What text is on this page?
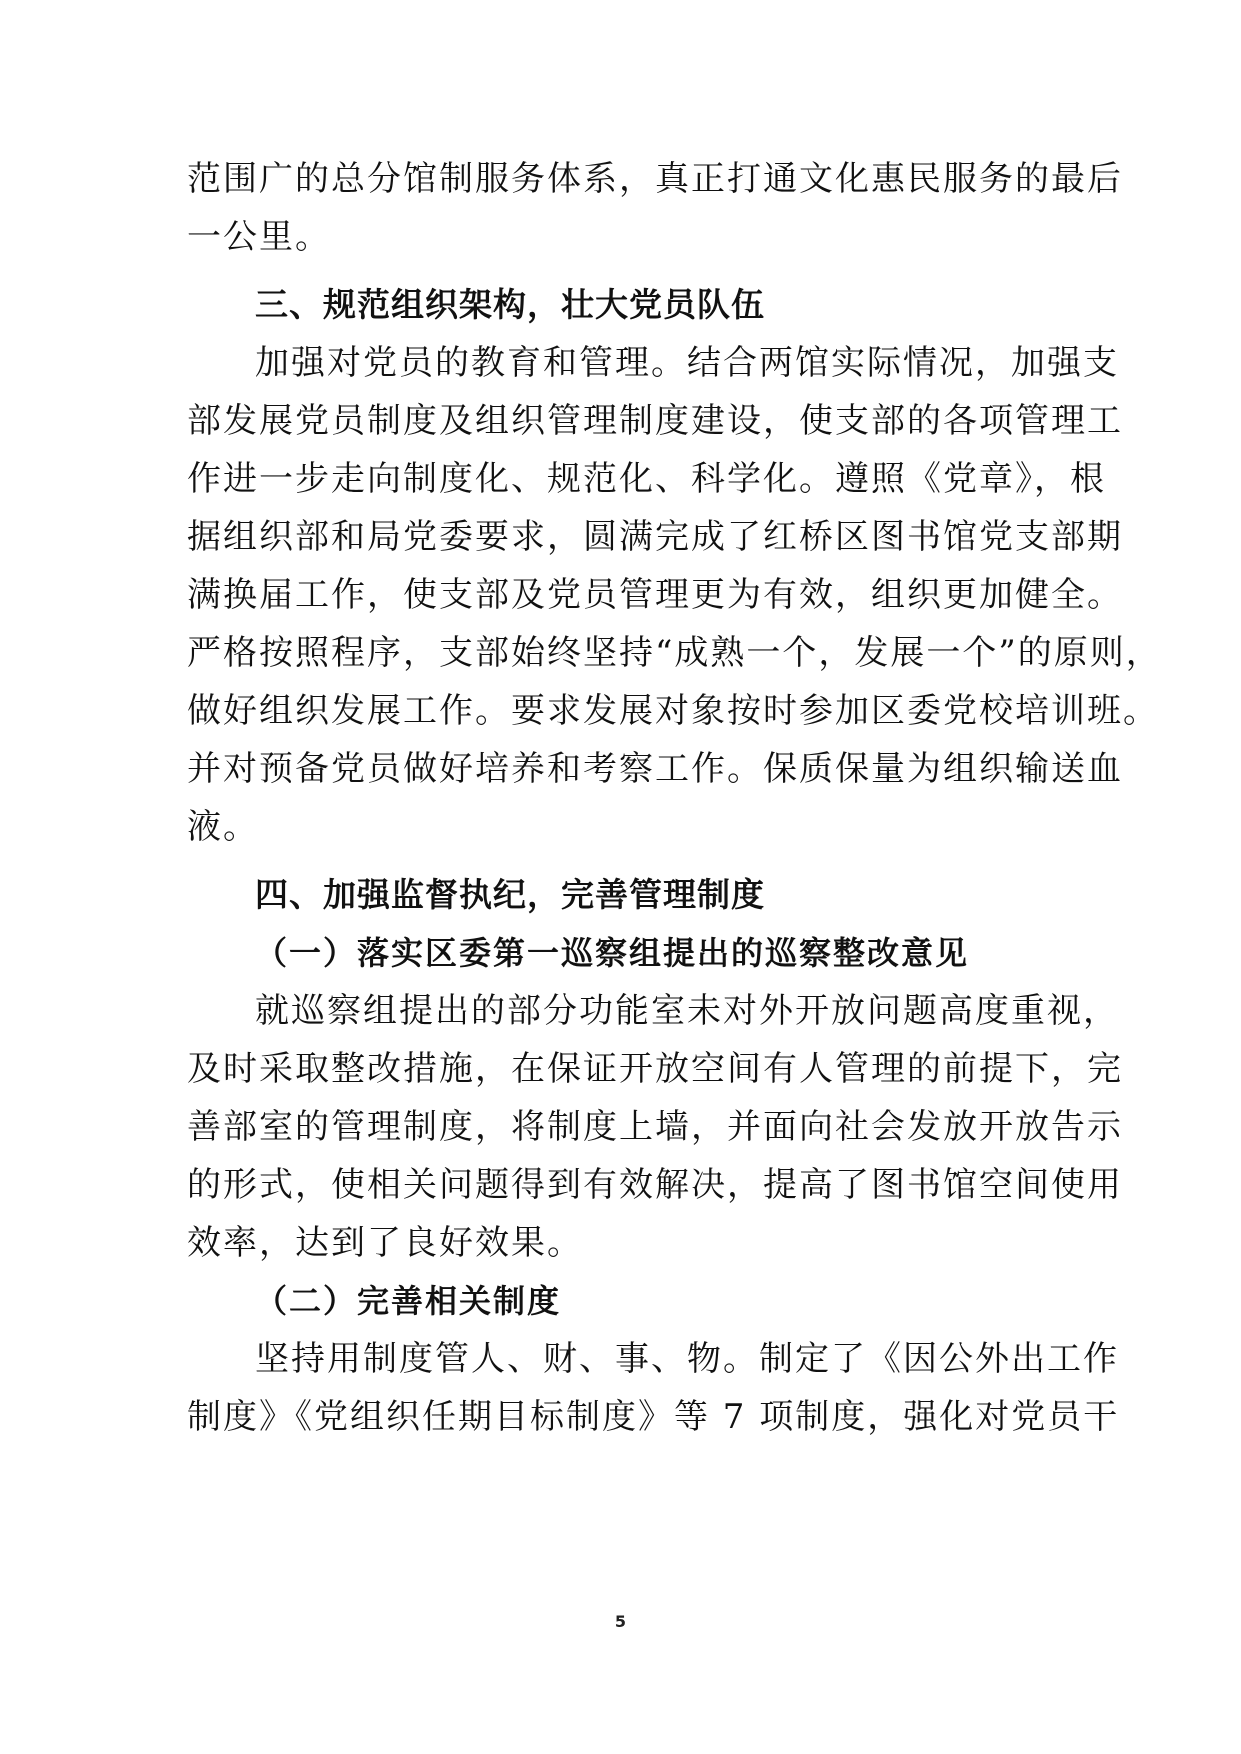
范围广的总分馆制服务体系，真正打通文化惠民服务的最后
一公里。
三、规范组织架构，壮大党员队伍
加强对党员的教育和管理。结合两馆实际情况，加强支
部发展党员制度及组织管理制度建设，使支部的各项管理工
作进一步走向制度化、规范化、科学化。遵照《党章》，根
据组织部和局党委要求，圆满完成了红桥区图书馆党支部期
满换届工作，使支部及党员管理更为有效，组织更加健全。
严格按照程序，支部始终坚持“成熟一个，发展一个”的原则，
做好组织发展工作。要求发展对象按时参加区委党校培训班。
并对预备党员做好培养和考察工作。保质保量为组织输送血
液。
四、加强监督执纪，完善管理制度
（一）落实区委第一巡察组提出的巡察整改意见
就巡察组提出的部分功能室未对外开放问题高度重视，
及时采取整改措施，在保证开放空间有人管理的前提下，完
善部室的管理制度，将制度上墙，并面向社会发放开放告示
的形式，使相关问题得到有效解决，提高了图书馆空间使用
效率，达到了良好效果。
（二）完善相关制度
坚持用制度管人、财、事、物。制定了《因公外出工作
制度》《党组织任期目标制度》等 7 项制度，强化对党员干
5
